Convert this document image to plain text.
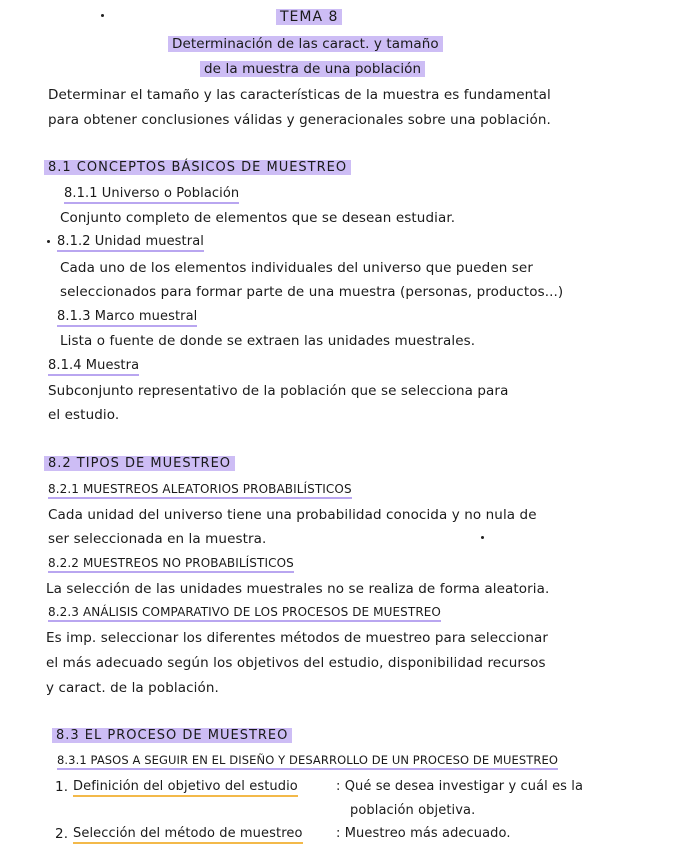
TEMA 8
Determinación de las caract. y tamaño
de la muestra de una población
Determinar el tamaño y las características de la muestra es fundamental
para obtener conclusiones válidas y generacionales sobre una población.
8.1 CONCEPTOS BÁSICOS DE MUESTREO
8.1.1 Universo o Población
Conjunto completo de elementos que se desean estudiar.
8.1.2 Unidad muestral
Cada uno de los elementos individuales del universo que pueden ser
seleccionados para formar parte de una muestra (personas, productos...)
8.1.3 Marco muestral
Lista o fuente de donde se extraen las unidades muestrales.
8.1.4 Muestra
Subconjunto representativo de la población que se selecciona para
el estudio.
8.2 TIPOS DE MUESTREO
8.2.1 MUESTREOS ALEATORIOS PROBABILÍSTICOS
Cada unidad del universo tiene una probabilidad conocida y no nula de
ser seleccionada en la muestra.
8.2.2 MUESTREOS NO PROBABILÍSTICOS
La selección de las unidades muestrales no se realiza de forma aleatoria.
8.2.3 ANÁLISIS COMPARATIVO DE LOS PROCESOS DE MUESTREO
Es imp. seleccionar los diferentes métodos de muestreo para seleccionar
el más adecuado según los objetivos del estudio, disponibilidad recursos
y caract. de la población.
8.3 EL PROCESO DE MUESTREO
8.3.1 PASOS A SEGUIR EN EL DISEÑO Y DESARROLLO DE UN PROCESO DE MUESTREO
1. Definición del objetivo del estudio	: Qué se desea investigar y cuál es la
población objetiva.
2. Selección del método de muestreo	: Muestreo más adecuado.
